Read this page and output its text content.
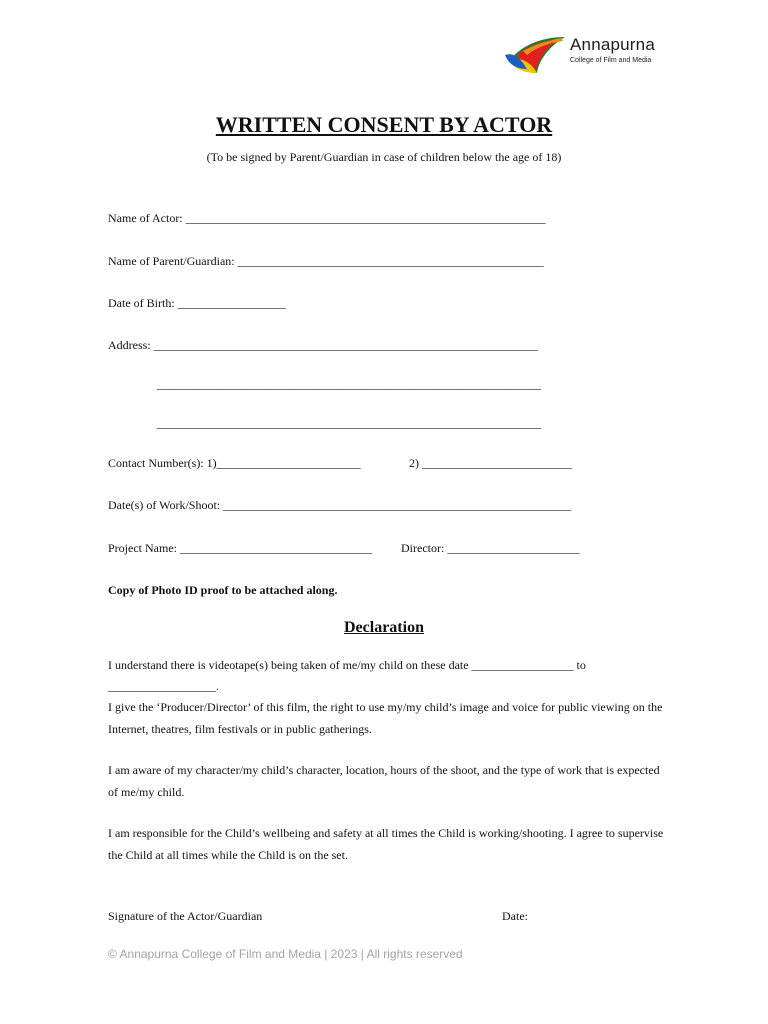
Annapurna
College of Film and Media
WRITTEN CONSENT BY ACTOR
(To be signed by Parent/Guardian in case of children below the age of 18)
Name of Actor: ____________________________________________________________
Name of Parent/Guardian: ___________________________________________________
Date of Birth: __________________
Address: ________________________________________________________________
________________________________________________________________
________________________________________________________________
Contact Number(s): 1)________________________	2) _________________________
Date(s) of Work/Shoot: __________________________________________________________
Project Name: ________________________________ Director: ______________________
Copy of Photo ID proof to be attached along.
Declaration
I understand there is videotape(s) being taken of me/my child on these date _________________ to
__________________.
I give the ‘Producer/Director’ of this film, the right to use my/my child’s image and voice for public viewing on the Internet, theatres, film festivals or in public gatherings.
I am aware of my character/my child’s character, location, hours of the shoot, and the type of work that is expected of me/my child.
I am responsible for the Child’s wellbeing and safety at all times the Child is working/shooting. I agree to supervise the Child at all times while the Child is on the set.
Signature of the Actor/Guardian	Date:
© Annapurna College of Film and Media | 2023 | All rights reserved
